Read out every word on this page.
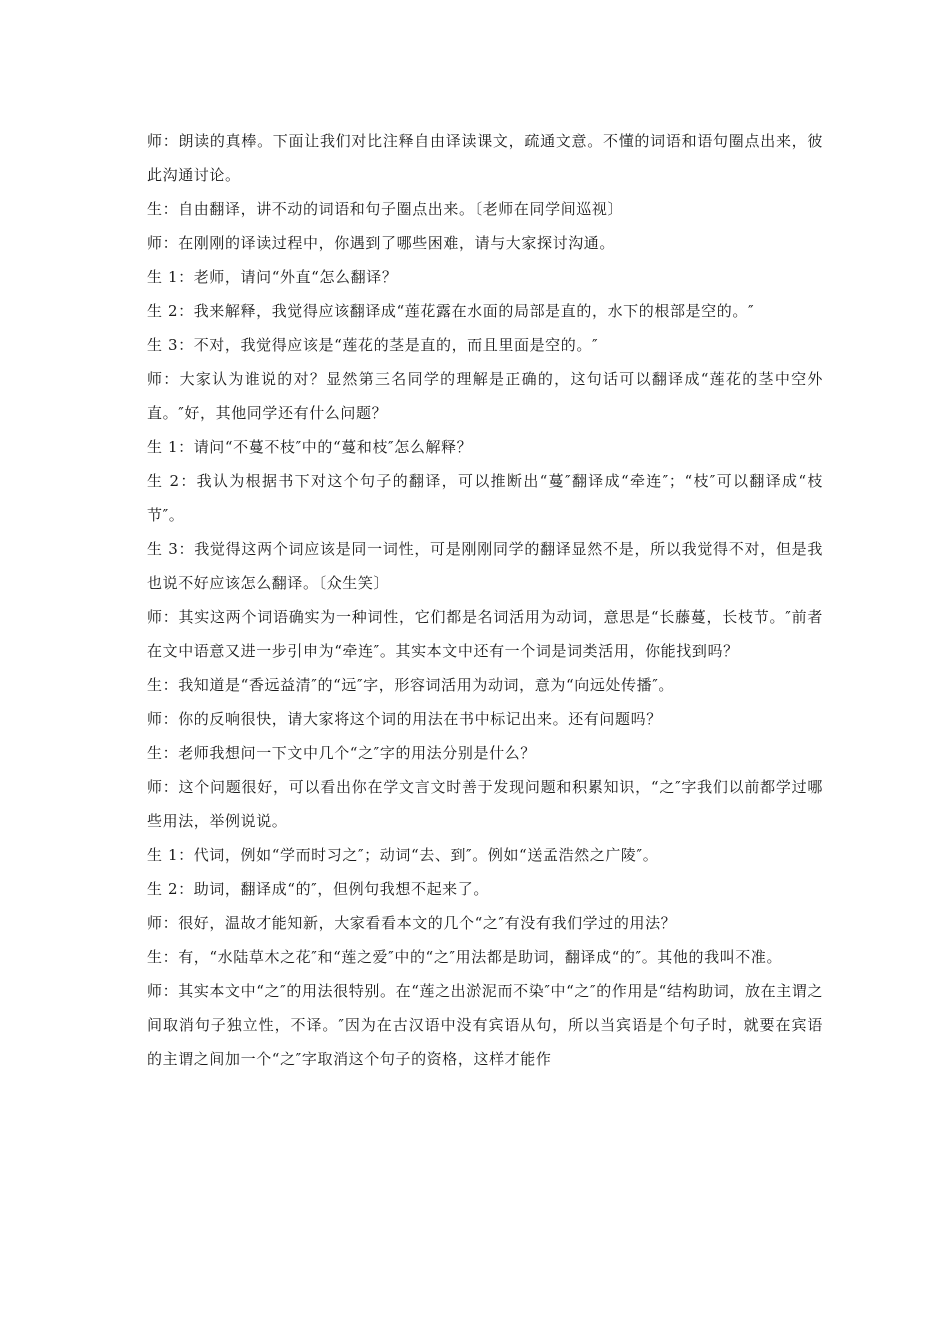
师：朗读的真棒。下面让我们对比注释自由译读课文，疏通文意。不懂的词语和语句圈点出来，彼此沟通讨论。

生：自由翻译，讲不动的词语和句子圈点出来。〔老师在同学间巡视〕

师：在刚刚的译读过程中，你遇到了哪些困难，请与大家探讨沟通。

生 1：老师，请问“外直“怎么翻译？

生 2：我来解释，我觉得应该翻译成“莲花露在水面的局部是直的，水下的根部是空的。″

生 3：不对，我觉得应该是“莲花的茎是直的，而且里面是空的。″

师：大家认为谁说的对？显然第三名同学的理解是正确的，这句话可以翻译成“莲花的茎中空外直。″好，其他同学还有什么问题？

生 1：请问“不蔓不枝″中的“蔓和枝″怎么解释？

生 2：我认为根据书下对这个句子的翻译，可以推断出“蔓″翻译成“牵连″；“枝″可以翻译成“枝节″。

生 3：我觉得这两个词应该是同一词性，可是刚刚同学的翻译显然不是，所以我觉得不对，但是我也说不好应该怎么翻译。〔众生笑〕

师：其实这两个词语确实为一种词性，它们都是名词活用为动词，意思是“长藤蔓，长枝节。″前者在文中语意又进一步引申为“牵连″。其实本文中还有一个词是词类活用，你能找到吗？

生：我知道是“香远益清″的“远″字，形容词活用为动词，意为“向远处传播″。

师：你的反响很快，请大家将这个词的用法在书中标记出来。还有问题吗？

生：老师我想问一下文中几个“之″字的用法分别是什么？

师：这个问题很好，可以看出你在学文言文时善于发现问题和积累知识，“之″字我们以前都学过哪些用法，举例说说。

生 1：代词，例如“学而时习之″；动词“去、到″。例如“送孟浩然之广陵″。

生 2：助词，翻译成“的″，但例句我想不起来了。

师：很好，温故才能知新，大家看看本文的几个“之″有没有我们学过的用法？

生：有，“水陆草木之花″和“莲之爱″中的“之″用法都是助词，翻译成“的″。其他的我叫不准。

师：其实本文中“之″的用法很特别。在“莲之出淤泥而不染″中“之″的作用是“结构助词，放在主谓之间取消句子独立性，不译。″因为在古汉语中没有宾语从句，所以当宾语是个句子时，就要在宾语的主谓之间加一个“之″字取消这个句子的资格，这样才能作
